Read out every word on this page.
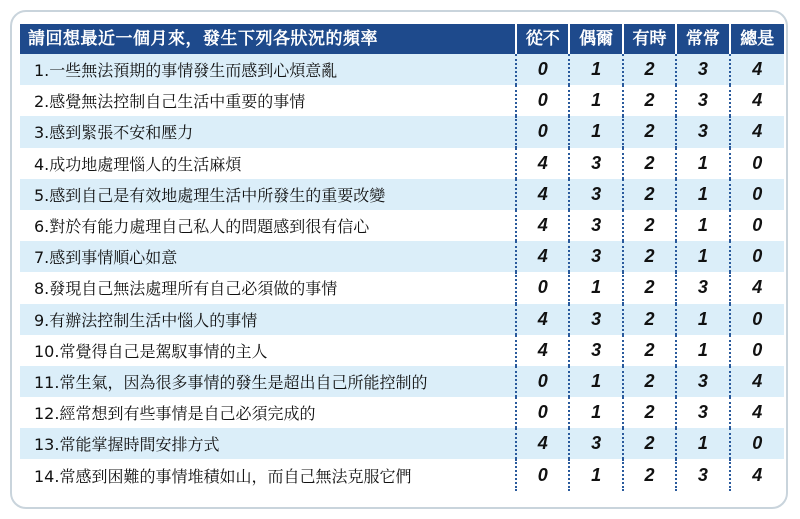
請回想最近一個月來，發生下列各狀況的頻率	從不	偶爾	有時	常常	總是
1.一些無法預期的事情發生而感到心煩意亂	0	1	2	3	4
2.感覺無法控制自己生活中重要的事情	0	1	2	3	4
3.感到緊張不安和壓力	0	1	2	3	4
4.成功地處理惱人的生活麻煩	4	3	2	1	0
5.感到自己是有效地處理生活中所發生的重要改變	4	3	2	1	0
6.對於有能力處理自己私人的問題感到很有信心	4	3	2	1	0
7.感到事情順心如意	4	3	2	1	0
8.發現自己無法處理所有自己必須做的事情	0	1	2	3	4
9.有辦法控制生活中惱人的事情	4	3	2	1	0
10.常覺得自己是駕馭事情的主人	4	3	2	1	0
11.常生氣，因為很多事情的發生是超出自己所能控制的	0	1	2	3	4
12.經常想到有些事情是自己必須完成的	0	1	2	3	4
13.常能掌握時間安排方式	4	3	2	1	0
14.常感到困難的事情堆積如山，而自己無法克服它們	0	1	2	3	4
